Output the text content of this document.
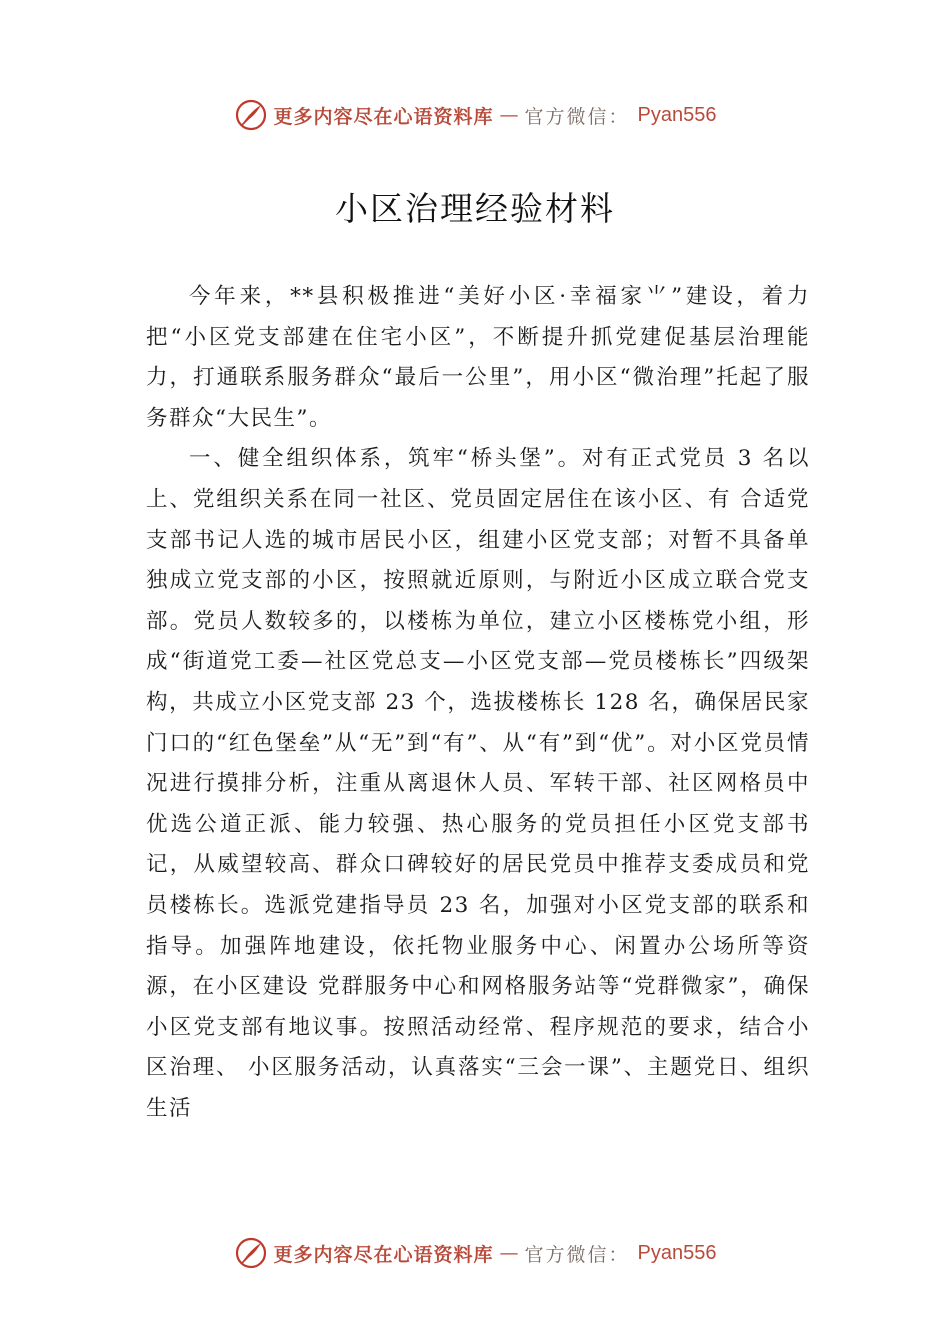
更多内容尽在心语资料库 — 官方微信： Pyan556
小区治理经验材料

今年来，**县积极推进“美好小区·幸福家⺌”建设，着力把“小区党支部建在住宅小区”，不断提升抓党建促基层治理能力，打通联系服务群众“最后一公里”，用小区“微治理”托起了服务群众“大民生”。

一、健全组织体系，筑牢“桥头堡”。对有正式党员 3 名以上、党组织关系在同一社区、党员固定居住在该小区、有 合适党支部书记人选的城市居民小区，组建小区党支部；对暂不具备单独成立党支部的小区，按照就近原则，与附近小区成立联合党支部。党员人数较多的，以楼栋为单位，建立小区楼栋党小组，形成“街道党工委—社区党总支—小区党支部—党员楼栋长”四级架构，共成立小区党支部 23 个，选拔楼栋长 128 名，确保居民家门口的“红色堡垒”从“无”到“有”、从“有”到“优”。对小区党员情况进行摸排分析，注重从离退休人员、军转干部、社区网格员中优选公道正派、能力较强、热心服务的党员担任小区党支部书记，从威望较高、群众口碑较好的居民党员中推荐支委成员和党员楼栋长。选派党建指导员 23 名，加强对小区党支部的联系和指导。加强阵地建设，依托物业服务中心、闲置办公场所等资源，在小区建设 党群服务中心和网格服务站等“党群微家”，确保小区党支部有地议事。按照活动经常、程序规范的要求，结合小区治理、 小区服务活动，认真落实“三会一课”、主题党日、组织生活

更多内容尽在心语资料库 — 官方微信： Pyan556
